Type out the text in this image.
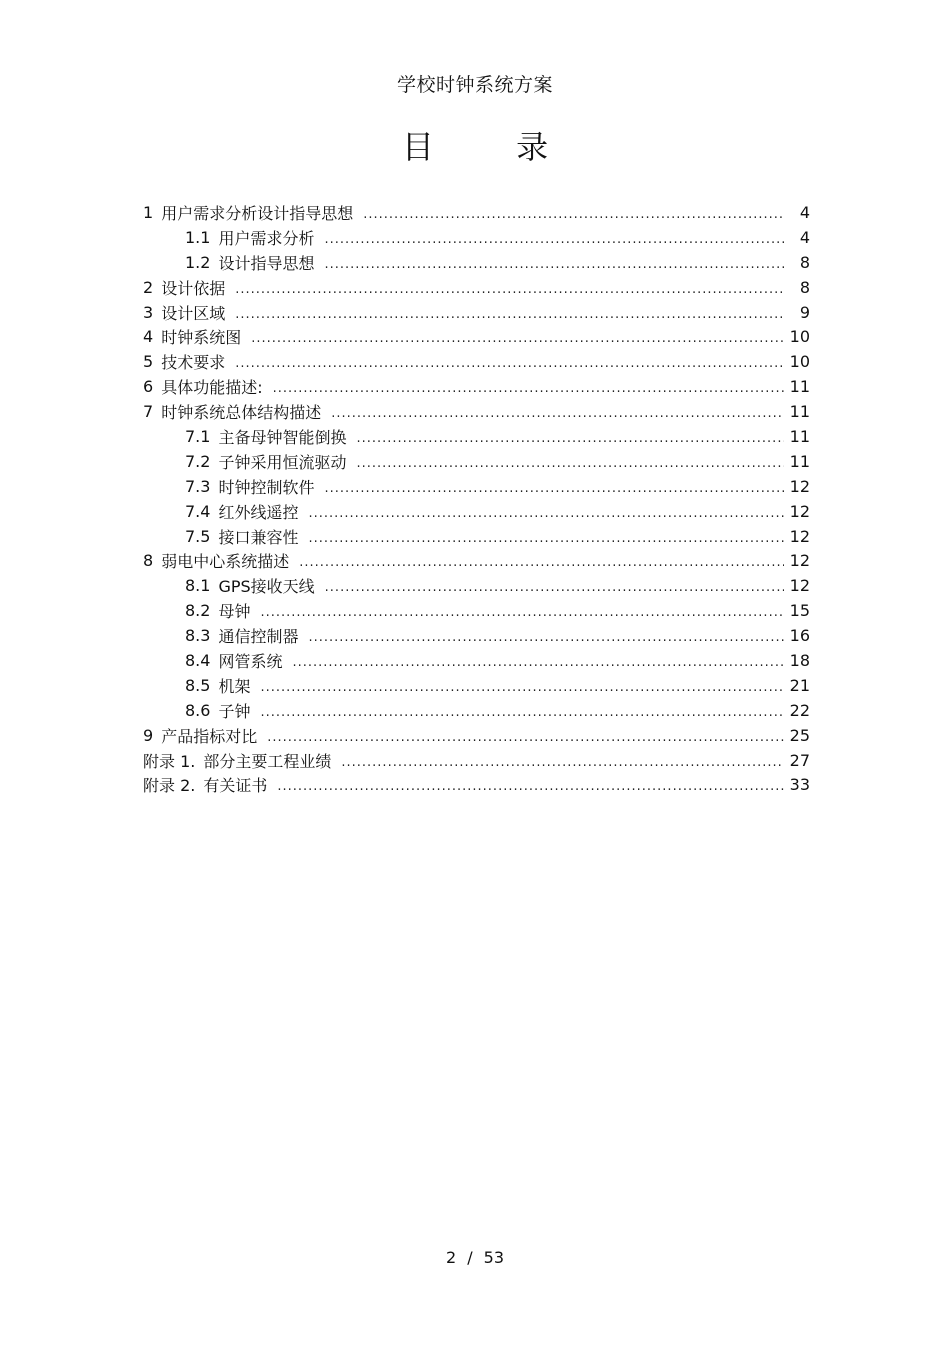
学校时钟系统方案
目 录
1 用户需求分析设计指导思想 .....	4
1.1 用户需求分析 .....	4
1.2 设计指导思想 .....	8
2 设计依据 .....	8
3 设计区域 .....	9
4 时钟系统图 .....	10
5 技术要求 .....	10
6 具体功能描述: .....	11
7 时钟系统总体结构描述 .....	11
7.1 主备母钟智能倒换 .....	11
7.2 子钟采用恒流驱动 .....	11
7.3 时钟控制软件 .....	12
7.4 红外线遥控 .....	12
7.5 接口兼容性 .....	12
8 弱电中心系统描述 .....	12
8.1 GPS接收天线 .....	12
8.2 母钟 .....	15
8.3 通信控制器 .....	16
8.4 网管系统 .....	18
8.5 机架 .....	21
8.6 子钟 .....	22
9 产品指标对比 .....	25
附录 1. 部分主要工程业绩 .....	27
附录 2. 有关证书 .....	33
2 / 53
